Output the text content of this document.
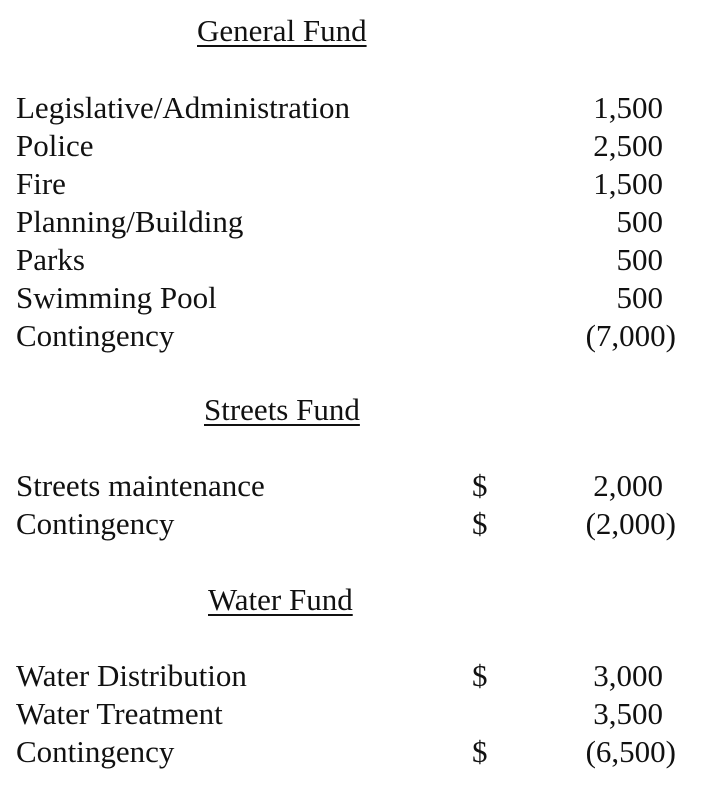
General Fund
Legislative/Administration	1,500
Police	2,500
Fire	1,500
Planning/Building	500
Parks	500
Swimming Pool	500
Contingency	(7,000)
Streets Fund
Streets maintenance	$	2,000
Contingency	$	(2,000)
Water Fund
Water Distribution	$	3,000
Water Treatment	3,500
Contingency	$	(6,500)
